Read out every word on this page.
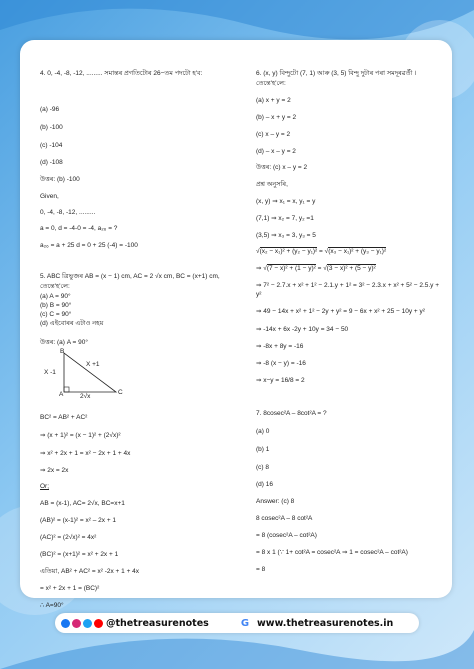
4. 0, -4, -8, -12, ......... সমান্তৰ প্ৰগতিটোৰ 26−তম পদটো হ'ব:
(a) -96
(b) -100
(c) -104
(d) -108
উত্তৰ: (b) -100
Given,
0, -4, -8, -12, .........
a = 0, d = -4-0 = -4, a₂₆ = ?
a₂₆ = a + 25 d = 0 + 25 (-4) = -100
5. ABC ত্ৰিভুজৰ AB = (x − 1) cm, AC = 2 √x cm, BC = (x+1) cm,
তেন্তে'হ'লে:
(a) A = 90°
(b) B = 90°
(c) C = 90°
(d) এইবোৰৰ এটাও নহয়
উত্তৰ: (a) A = 90°
B
A	C
X -1
X +1
2√x
BC² = AB² + AC²
⇒ (x + 1)² = (x − 1)² + (2√x)²
⇒ x² + 2x + 1 = x² − 2x + 1 + 4x
⇒ 2x = 2x
Or;
AB = (x-1), AC= 2√x, BC=x+1
(AB)² = (x-1)² = x² – 2x + 1
(AC)² = (2√x)² = 4x²
(BC)² = (x+1)² = x² + 2x + 1
এতিয়া, AB² + AC² = x² -2x + 1 + 4x
= x² + 2x + 1 = (BC)²
∴ A=90°
6. (x, y) বিন্দুটো (7, 1) আৰু (3, 5) বিন্দু দুটাৰ পৰা সমদূৰৱৰ্তী ।
তেন্তে'হ'লে:
(a) x + y = 2
(b) – x + y = 2
(c) x – y = 2
(d) – x – y = 2
উত্তৰ: (c) x – y = 2
প্ৰশ্ন অনুসৰি,
(x, y) ⇒ x₁ = x, y₁ = y
(7,1) ⇒ x₂ = 7, y₂ =1
(3,5) ⇒ x₃ = 3, y₃ = 5
√(x₂ − x₁)² + (y₂ − y₁)² = √(x₃ − x₁)² + (y₃ − y₁)²
⇒ √(7 − x)² + (1 − y)² = √(3 − x)² + (5 − y)²
⇒ 7² − 2.7.x + x² + 1² − 2.1.y + 1² = 3² − 2.3.x + x² + 5² − 2.5.y +
y²
⇒ 49 − 14x + x² + 1² − 2y + y² = 9 − 6x + x² + 25 − 10y + y²
⇒ -14x + 6x -2y + 10y = 34 − 50
⇒ -8x + 8y = -16
⇒ -8 (x − y) = -16
⇒ x−y = 16/8 = 2
7. 8cosec²A – 8cot²A = ?
(a) 0
(b) 1
(c) 8
(d) 16
Answer: (c) 8
8 cosec²A – 8 cot²A
= 8 (cosec²A – cot²A)
= 8 x 1 (∵ 1+ cot²A = cosec²A ⇒ 1 = cosec²A – cot²A)
= 8
@thetreasurenotes	G www.thetreasurenotes.in
